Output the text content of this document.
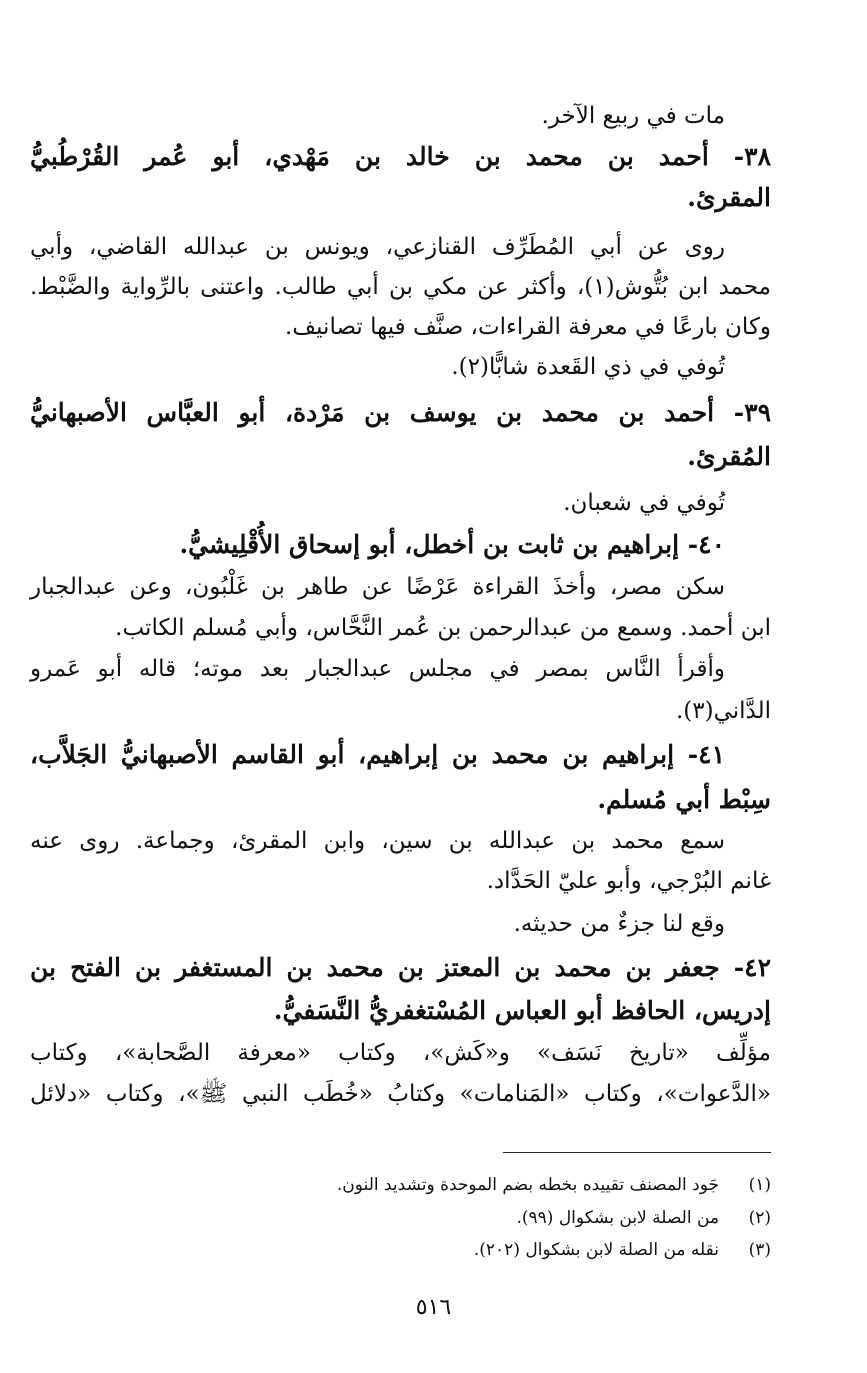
مات في ربيع الآخر.
٣٨- أحمد بن محمد بن خالد بن مَهْدي، أبو عُمر القُرْطُبيُّ
المقرئ.
روى عن أبي المُطَرِّف القنازعي، ويونس بن عبدالله القاضي، وأبي
محمد ابن بُتُّوش(١)، وأكثر عن مكي بن أبي طالب. واعتنى بالرِّواية والضَّبْط.
وكان بارعًا في معرفة القراءات، صنَّف فيها تصانيف.
تُوفي في ذي القَعدة شابًّا(٢).
٣٩- أحمد بن محمد بن يوسف بن مَرْدة، أبو العبَّاس الأصبهانيُّ
المُقرئ.
تُوفي في شعبان.
٤٠- إبراهيم بن ثابت بن أخطل، أبو إسحاق الأُقْلِيشيُّ.
سكن مصر، وأخذَ القراءة عَرْضًا عن طاهر بن غَلْبُون، وعن عبدالجبار
ابن أحمد. وسمع من عبدالرحمن بن عُمر النَّحَّاس، وأبي مُسلم الكاتب.
وأقرأ النَّاس بمصر في مجلس عبدالجبار بعد موته؛ قاله أبو عَمرو
الدَّاني(٣).
٤١- إبراهيم بن محمد بن إبراهيم، أبو القاسم الأصبهانيُّ الجَلاَّب،
سِبْط أبي مُسلم.
سمع محمد بن عبدالله بن سين، وابن المقرئ، وجماعة. روى عنه
غانم البُرْجي، وأبو عليّ الحَدَّاد.
وقع لنا جزءٌ من حديثه.
٤٢- جعفر بن محمد بن المعتز بن محمد بن المستغفر بن الفتح بن
إدريس، الحافظ أبو العباس المُسْتغفريُّ النَّسَفيُّ.
مؤلِّف «تاريخ نَسَف» و«كَش»، وكتاب «معرفة الصَّحابة»، وكتاب
«الدَّعوات»، وكتاب «المَنامات» وكتابُ «خُطَب النبي ﷺ»، وكتاب «دلائل
(١)جَود المصنف تقييده بخطه بضم الموحدة وتشديد النون.
(٢)من الصلة لابن بشكوال (٩٩).
(٣)نقله من الصلة لابن بشكوال (٢٠٢).
٥١٦
